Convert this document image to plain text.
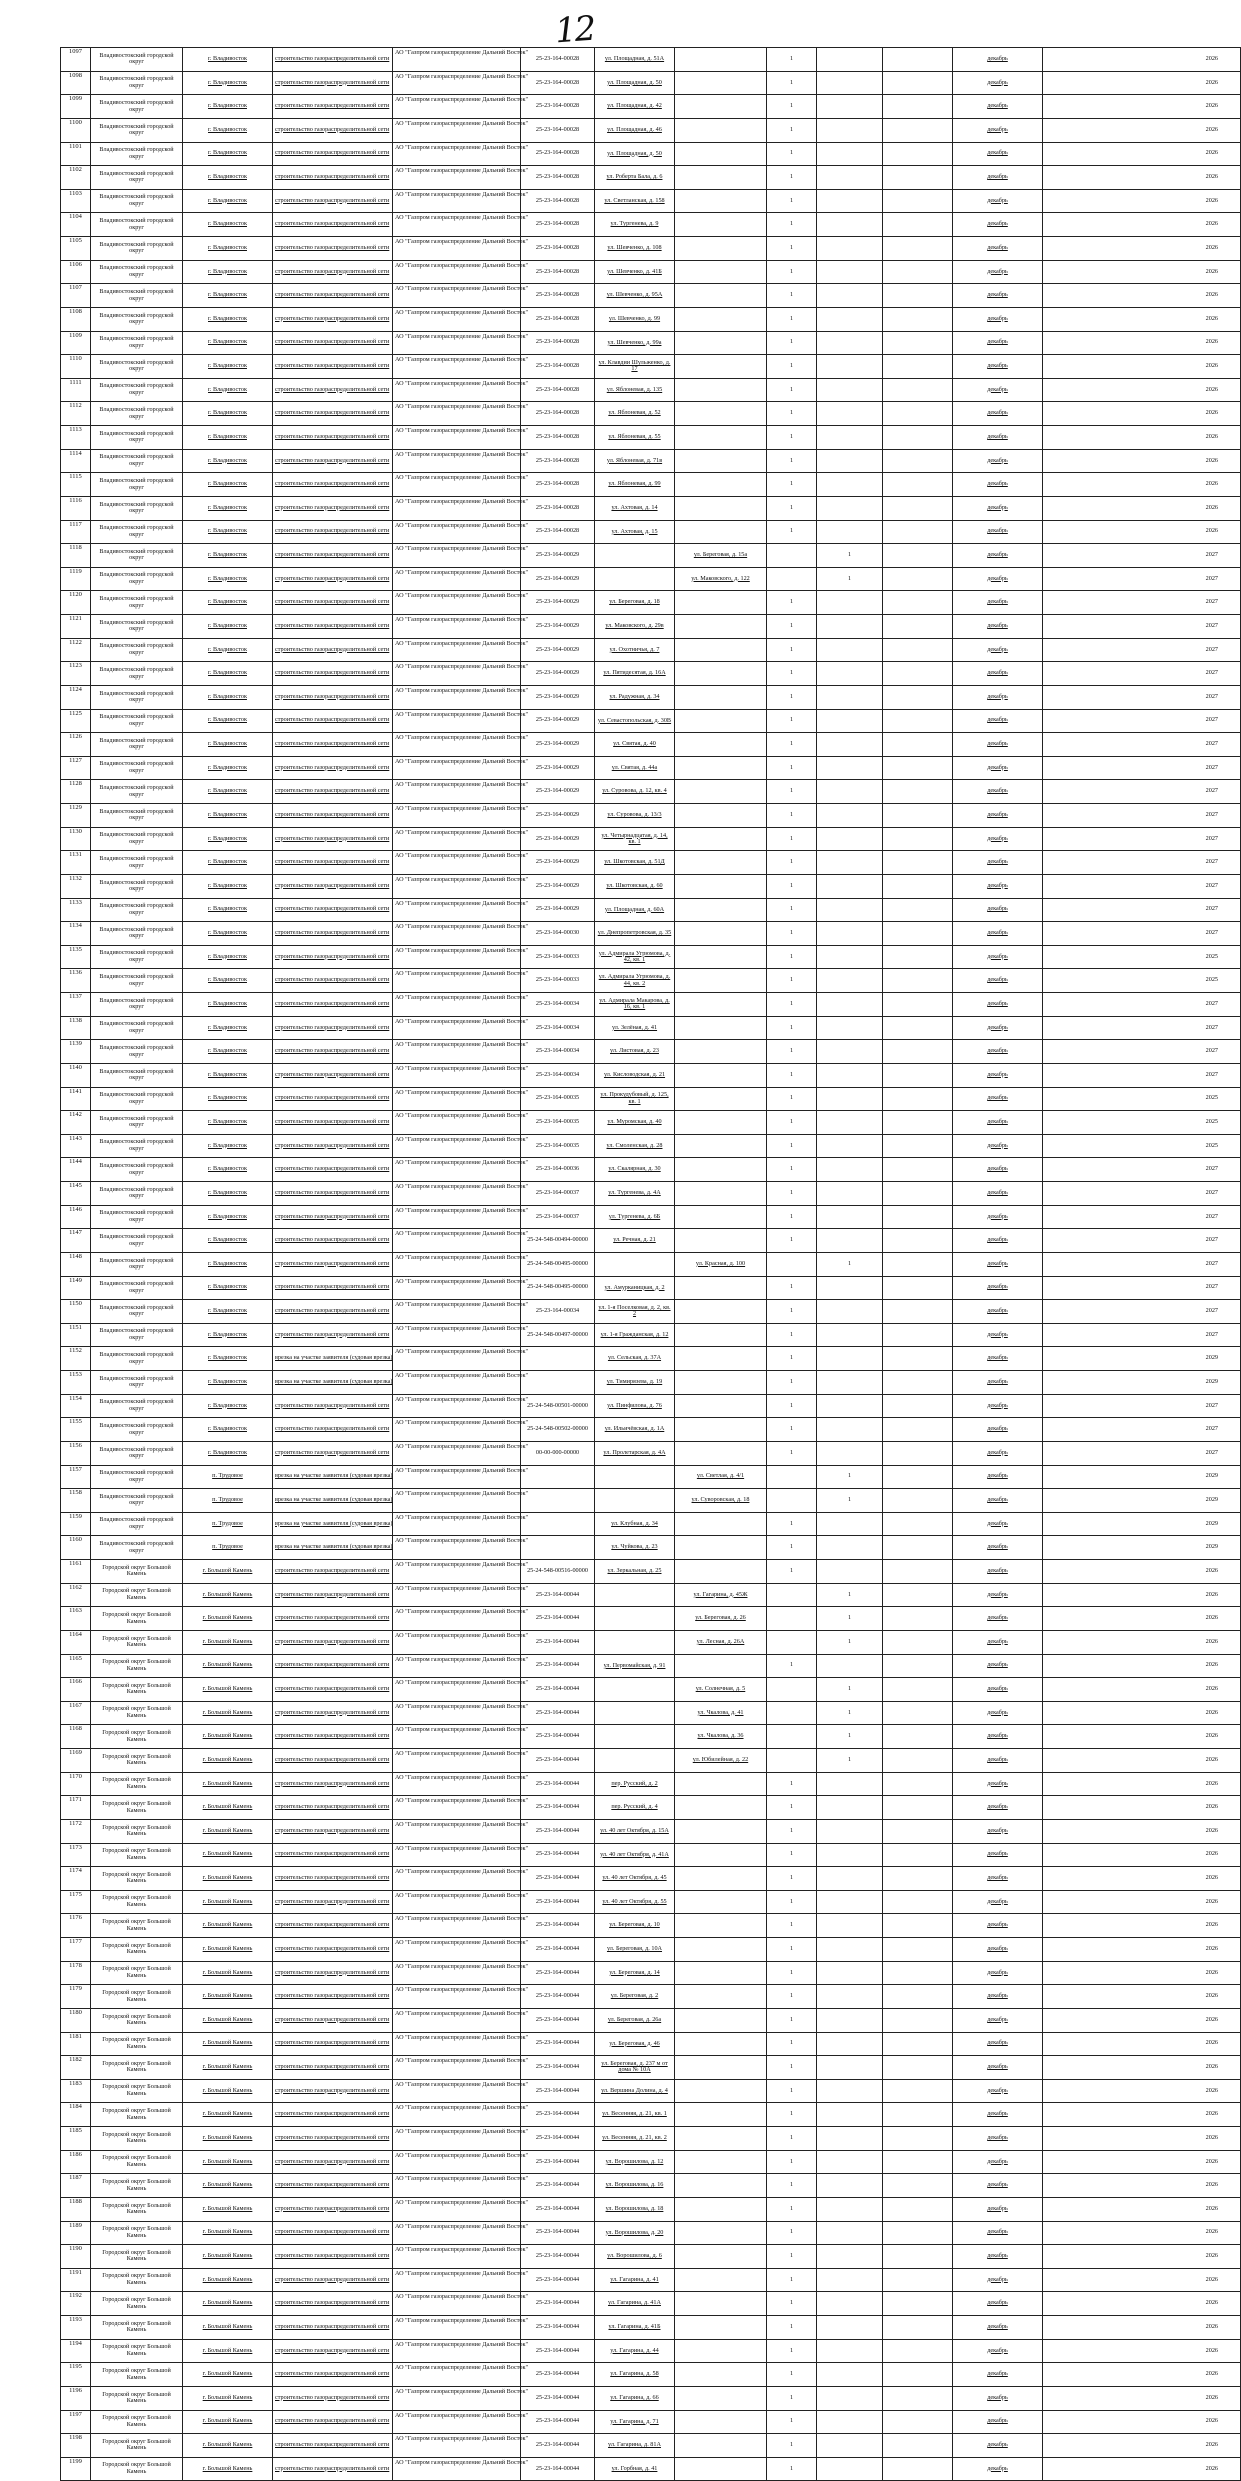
12
1097	Владивостокский городской округ	г. Владивосток	строительство газораспределительной сети	АО "Газпром газораспределение Дальний Восток"	25-23-164-00028	ул. Площадная, д. 51А		1			декабрь	2026
1098	Владивостокский городской округ	г. Владивосток	строительство газораспределительной сети	АО "Газпром газораспределение Дальний Восток"	25-23-164-00028	ул. Площадная, д. 50		1			декабрь	2026
1099	Владивостокский городской округ	г. Владивосток	строительство газораспределительной сети	АО "Газпром газораспределение Дальний Восток"	25-23-164-00028	ул. Площадная, д. 42		1			декабрь	2026
1100	Владивостокский городской округ	г. Владивосток	строительство газораспределительной сети	АО "Газпром газораспределение Дальний Восток"	25-23-164-00028	ул. Площадная, д. 46		1			декабрь	2026
1101	Владивостокский городской округ	г. Владивосток	строительство газораспределительной сети	АО "Газпром газораспределение Дальний Восток"	25-23-164-00028	ул. Площадная, д. 50		1			декабрь	2026
1102	Владивостокский городской округ	г. Владивосток	строительство газораспределительной сети	АО "Газпром газораспределение Дальний Восток"	25-23-164-00028	ул. Роберта Бала, д. 6		1			декабрь	2026
1103	Владивостокский городской округ	г. Владивосток	строительство газораспределительной сети	АО "Газпром газораспределение Дальний Восток"	25-23-164-00028	ул. Светланская, д. 158		1			декабрь	2026
1104	Владивостокский городской округ	г. Владивосток	строительство газораспределительной сети	АО "Газпром газораспределение Дальний Восток"	25-23-164-00028	ул. Тургенева, д. 9		1			декабрь	2026
1105	Владивостокский городской округ	г. Владивосток	строительство газораспределительной сети	АО "Газпром газораспределение Дальний Восток"	25-23-164-00028	ул. Шевченко, д. 108		1			декабрь	2026
1106	Владивостокский городской округ	г. Владивосток	строительство газораспределительной сети	АО "Газпром газораспределение Дальний Восток"	25-23-164-00028	ул. Шевченко, д. 41Б		1			декабрь	2026
1107	Владивостокский городской округ	г. Владивосток	строительство газораспределительной сети	АО "Газпром газораспределение Дальний Восток"	25-23-164-00028	ул. Шевченко, д. 95А		1			декабрь	2026
1108	Владивостокский городской округ	г. Владивосток	строительство газораспределительной сети	АО "Газпром газораспределение Дальний Восток"	25-23-164-00028	ул. Шевченко, д. 99		1			декабрь	2026
1109	Владивостокский городской округ	г. Владивосток	строительство газораспределительной сети	АО "Газпром газораспределение Дальний Восток"	25-23-164-00028	ул. Шевченко, д. 99а		1			декабрь	2026
1110	Владивостокский городской округ	г. Владивосток	строительство газораспределительной сети	АО "Газпром газораспределение Дальний Восток"	25-23-164-00028	ул. Клавдии Шульженко, д. 17		1			декабрь	2026
1111	Владивостокский городской округ	г. Владивосток	строительство газораспределительной сети	АО "Газпром газораспределение Дальний Восток"	25-23-164-00028	ул. Яблоневая, д. 135		1			декабрь	2026
1112	Владивостокский городской округ	г. Владивосток	строительство газораспределительной сети	АО "Газпром газораспределение Дальний Восток"	25-23-164-00028	ул. Яблоневая, д. 52		1			декабрь	2026
1113	Владивостокский городской округ	г. Владивосток	строительство газораспределительной сети	АО "Газпром газораспределение Дальний Восток"	25-23-164-00028	ул. Яблоневая, д. 55		1			декабрь	2026
1114	Владивостокский городской округ	г. Владивосток	строительство газораспределительной сети	АО "Газпром газораспределение Дальний Восток"	25-23-164-00028	ул. Яблоневая, д. 71в		1			декабрь	2026
1115	Владивостокский городской округ	г. Владивосток	строительство газораспределительной сети	АО "Газпром газораспределение Дальний Восток"	25-23-164-00028	ул. Яблоневая, д. 99		1			декабрь	2026
1116	Владивостокский городской округ	г. Владивосток	строительство газораспределительной сети	АО "Газпром газораспределение Дальний Восток"	25-23-164-00028	ул. Ахтовая, д. 14		1			декабрь	2026
1117	Владивостокский городской округ	г. Владивосток	строительство газораспределительной сети	АО "Газпром газораспределение Дальний Восток"	25-23-164-00028	ул. Ахтовая, д. 15		1			декабрь	2026
1118	Владивостокский городской округ	г. Владивосток	строительство газораспределительной сети	АО "Газпром газораспределение Дальний Восток"	25-23-164-00029		ул. Береговая, д. 15а		1		декабрь	2027
1119	Владивостокский городской округ	г. Владивосток	строительство газораспределительной сети	АО "Газпром газораспределение Дальний Восток"	25-23-164-00029		ул. Маковского, д. 122		1		декабрь	2027
1120	Владивостокский городской округ	г. Владивосток	строительство газораспределительной сети	АО "Газпром газораспределение Дальний Восток"	25-23-164-00029	ул. Береговая, д. 18		1			декабрь	2027
1121	Владивостокский городской округ	г. Владивосток	строительство газораспределительной сети	АО "Газпром газораспределение Дальний Восток"	25-23-164-00029	ул. Маковского, д. 29в		1			декабрь	2027
1122	Владивостокский городской округ	г. Владивосток	строительство газораспределительной сети	АО "Газпром газораспределение Дальний Восток"	25-23-164-00029	ул. Охотничья, д. 7		1			декабрь	2027
1123	Владивостокский городской округ	г. Владивосток	строительство газораспределительной сети	АО "Газпром газораспределение Дальний Восток"	25-23-164-00029	ул. Пятидесятая, д. 16А		1			декабрь	2027
1124	Владивостокский городской округ	г. Владивосток	строительство газораспределительной сети	АО "Газпром газораспределение Дальний Восток"	25-23-164-00029	ул. Радужная, д. 34		1			декабрь	2027
1125	Владивостокский городской округ	г. Владивосток	строительство газораспределительной сети	АО "Газпром газораспределение Дальний Восток"	25-23-164-00029	ул. Севастопольская, д. 30В		1			декабрь	2027
1126	Владивостокский городской округ	г. Владивосток	строительство газораспределительной сети	АО "Газпром газораспределение Дальний Восток"	25-23-164-00029	ул. Святая, д. 40		1			декабрь	2027
1127	Владивостокский городской округ	г. Владивосток	строительство газораспределительной сети	АО "Газпром газораспределение Дальний Восток"	25-23-164-00029	ул. Святая, д. 44а		1			декабрь	2027
1128	Владивостокский городской округ	г. Владивосток	строительство газораспределительной сети	АО "Газпром газораспределение Дальний Восток"	25-23-164-00029	ул. Суровова, д. 12, кв. 4		1			декабрь	2027
1129	Владивостокский городской округ	г. Владивосток	строительство газораспределительной сети	АО "Газпром газораспределение Дальний Восток"	25-23-164-00029	ул. Суровова, д. 13/3		1			декабрь	2027
1130	Владивостокский городской округ	г. Владивосток	строительство газораспределительной сети	АО "Газпром газораспределение Дальний Восток"	25-23-164-00029	ул. Четырнадцатая, д. 14, кв. 1		1			декабрь	2027
1131	Владивостокский городской округ	г. Владивосток	строительство газораспределительной сети	АО "Газпром газораспределение Дальний Восток"	25-23-164-00029	ул. Шкотовская, д. 51Д		1			декабрь	2027
1132	Владивостокский городской округ	г. Владивосток	строительство газораспределительной сети	АО "Газпром газораспределение Дальний Восток"	25-23-164-00029	ул. Шкотовская, д. 60		1			декабрь	2027
1133	Владивостокский городской округ	г. Владивосток	строительство газораспределительной сети	АО "Газпром газораспределение Дальний Восток"	25-23-164-00029	ул. Площадная, д. 60А		1			декабрь	2027
1134	Владивостокский городской округ	г. Владивосток	строительство газораспределительной сети	АО "Газпром газораспределение Дальний Восток"	25-23-164-00030	ул. Днепропетровская, д. 35		1			декабрь	2027
1135	Владивостокский городской округ	г. Владивосток	строительство газораспределительной сети	АО "Газпром газораспределение Дальний Восток"	25-23-164-00033	ул. Адмирала Угрюмова, д. 42, кв. 1		1			декабрь	2025
1136	Владивостокский городской округ	г. Владивосток	строительство газораспределительной сети	АО "Газпром газораспределение Дальний Восток"	25-23-164-00033	ул. Адмирала Угрюмова, д. 44, кв. 2		1			декабрь	2025
1137	Владивостокский городской округ	г. Владивосток	строительство газораспределительной сети	АО "Газпром газораспределение Дальний Восток"	25-23-164-00034	ул. Адмирала Макарова, д. 16, кв. 1		1			декабрь	2027
1138	Владивостокский городской округ	г. Владивосток	строительство газораспределительной сети	АО "Газпром газораспределение Дальний Восток"	25-23-164-00034	ул. Зелёная, д. 41		1			декабрь	2027
1139	Владивостокский городской округ	г. Владивосток	строительство газораспределительной сети	АО "Газпром газораспределение Дальний Восток"	25-23-164-00034	ул. Листовая, д. 23		1			декабрь	2027
1140	Владивостокский городской округ	г. Владивосток	строительство газораспределительной сети	АО "Газпром газораспределение Дальний Восток"	25-23-164-00034	ул. Кисловодская, д. 21		1			декабрь	2027
1141	Владивостокский городской округ	г. Владивосток	строительство газораспределительной сети	АО "Газпром газораспределение Дальний Восток"	25-23-164-00035	ул. Прокудубовый, д. 125, кв. 1		1			декабрь	2025
1142	Владивостокский городской округ	г. Владивосток	строительство газораспределительной сети	АО "Газпром газораспределение Дальний Восток"	25-23-164-00035	ул. Муромская, д. 40		1			декабрь	2025
1143	Владивостокский городской округ	г. Владивосток	строительство газораспределительной сети	АО "Газпром газораспределение Дальний Восток"	25-23-164-00035	ул. Смоленская, д. 28		1			декабрь	2025
1144	Владивостокский городской округ	г. Владивосток	строительство газораспределительной сети	АО "Газпром газораспределение Дальний Восток"	25-23-164-00036	ул. Скалярная, д. 30		1			декабрь	2027
1145	Владивостокский городской округ	г. Владивосток	строительство газораспределительной сети	АО "Газпром газораспределение Дальний Восток"	25-23-164-00037	ул. Тургенева, д. 4А		1			декабрь	2027
1146	Владивостокский городской округ	г. Владивосток	строительство газораспределительной сети	АО "Газпром газораспределение Дальний Восток"	25-23-164-00037	ул. Тургенева, д. 6Б		1			декабрь	2027
1147	Владивостокский городской округ	г. Владивосток	строительство газораспределительной сети	АО "Газпром газораспределение Дальний Восток"	25-24-548-00494-00000	ул. Речная, д. 21		1			декабрь	2027
1148	Владивостокский городской округ	г. Владивосток	строительство газораспределительной сети	АО "Газпром газораспределение Дальний Восток"	25-24-548-00495-00000		ул. Красная, д. 100		1		декабрь	2027
1149	Владивостокский городской округ	г. Владивосток	строительство газораспределительной сети	АО "Газпром газораспределение Дальний Восток"	25-24-548-00495-00000	ул. Амурканицкая, д. 2		1			декабрь	2027
1150	Владивостокский городской округ	г. Владивосток	строительство газораспределительной сети	АО "Газпром газораспределение Дальний Восток"	25-23-164-00034	ул. 1-я Поселковая, д. 2, кв. 2		1			декабрь	2027
1151	Владивостокский городской округ	г. Владивосток	строительство газораспределительной сети	АО "Газпром газораспределение Дальний Восток"	25-24-548-00497-00000	ул. 1-я Гражданская, д. 12		1			декабрь	2027
1152	Владивостокский городской округ	г. Владивосток	врезка на участке заявителя (судовая врезка)	АО "Газпром газораспределение Дальний Восток"		ул. Сельская, д. 37А		1			декабрь	2029
1153	Владивостокский городской округ	г. Владивосток	врезка на участке заявителя (судовая врезка)	АО "Газпром газораспределение Дальний Восток"		ул. Тимирязева, д. 19		1			декабрь	2029
1154	Владивостокский городской округ	г. Владивосток	строительство газораспределительной сети	АО "Газпром газораспределение Дальний Восток"	25-24-548-00501-00000	ул. Пинфилова, д. 76		1			декабрь	2027
1155	Владивостокский городской округ	г. Владивосток	строительство газораспределительной сети	АО "Газпром газораспределение Дальний Восток"	25-24-548-00502-00000	ул. Ильичёвская, д. 1А		1			декабрь	2027
1156	Владивостокский городской округ	г. Владивосток	строительство газораспределительной сети	АО "Газпром газораспределение Дальний Восток"	00-00-000-00000	ул. Пролетарская, д. 4А		1			декабрь	2027
1157	Владивостокский городской округ	п. Трудовое	врезка на участке заявителя (судовая врезка)	АО "Газпром газораспределение Дальний Восток"			ул. Светлая, д. 4/1		1		декабрь	2029
1158	Владивостокский городской округ	п. Трудовое	врезка на участке заявителя (судовая врезка)	АО "Газпром газораспределение Дальний Восток"			ул. Суворовская, д. 18		1		декабрь	2029
1159	Владивостокский городской округ	п. Трудовое	врезка на участке заявителя (судовая врезка)	АО "Газпром газораспределение Дальний Восток"		ул. Клубная, д. 34		1			декабрь	2029
1160	Владивостокский городской округ	п. Трудовое	врезка на участке заявителя (судовая врезка)	АО "Газпром газораспределение Дальний Восток"		ул. Чуйкова, д. 23		1			декабрь	2029
1161	Городской округ Большой Камень	г. Большой Камень	строительство газораспределительной сети	АО "Газпром газораспределение Дальний Восток"	25-24-548-00516-00000	ул. Зеркальная, д. 25		1			декабрь	2026
1162	Городской округ Большой Камень	г. Большой Камень	строительство газораспределительной сети	АО "Газпром газораспределение Дальний Восток"	25-23-164-00044		ул. Гагарина, д. 45Ж		1		декабрь	2026
1163	Городской округ Большой Камень	г. Большой Камень	строительство газораспределительной сети	АО "Газпром газораспределение Дальний Восток"	25-23-164-00044		ул. Береговая, д. 26		1		декабрь	2026
1164	Городской округ Большой Камень	г. Большой Камень	строительство газораспределительной сети	АО "Газпром газораспределение Дальний Восток"	25-23-164-00044		ул. Лесная, д. 26А		1		декабрь	2026
1165	Городской округ Большой Камень	г. Большой Камень	строительство газораспределительной сети	АО "Газпром газораспределение Дальний Восток"	25-23-164-00044	ул. Первомайская, д. 91		1			декабрь	2026
1166	Городской округ Большой Камень	г. Большой Камень	строительство газораспределительной сети	АО "Газпром газораспределение Дальний Восток"	25-23-164-00044		ул. Солнечная, д. 5		1		декабрь	2026
1167	Городской округ Большой Камень	г. Большой Камень	строительство газораспределительной сети	АО "Газпром газораспределение Дальний Восток"	25-23-164-00044		ул. Чкалова, д. 41		1		декабрь	2026
1168	Городской округ Большой Камень	г. Большой Камень	строительство газораспределительной сети	АО "Газпром газораспределение Дальний Восток"	25-23-164-00044		ул. Чкалова, д. 36		1		декабрь	2026
1169	Городской округ Большой Камень	г. Большой Камень	строительство газораспределительной сети	АО "Газпром газораспределение Дальний Восток"	25-23-164-00044		ул. Юбилейная, д. 22		1		декабрь	2026
1170	Городской округ Большой Камень	г. Большой Камень	строительство газораспределительной сети	АО "Газпром газораспределение Дальний Восток"	25-23-164-00044	пер. Русский, д. 2		1			декабрь	2026
1171	Городской округ Большой Камень	г. Большой Камень	строительство газораспределительной сети	АО "Газпром газораспределение Дальний Восток"	25-23-164-00044	пер. Русский, д. 4		1			декабрь	2026
1172	Городской округ Большой Камень	г. Большой Камень	строительство газораспределительной сети	АО "Газпром газораспределение Дальний Восток"	25-23-164-00044	ул. 40 лет Октября, д. 15А		1			декабрь	2026
1173	Городской округ Большой Камень	г. Большой Камень	строительство газораспределительной сети	АО "Газпром газораспределение Дальний Восток"	25-23-164-00044	ул. 40 лет Октября, д. 41А		1			декабрь	2026
1174	Городской округ Большой Камень	г. Большой Камень	строительство газораспределительной сети	АО "Газпром газораспределение Дальний Восток"	25-23-164-00044	ул. 40 лет Октября, д. 45		1			декабрь	2026
1175	Городской округ Большой Камень	г. Большой Камень	строительство газораспределительной сети	АО "Газпром газораспределение Дальний Восток"	25-23-164-00044	ул. 40 лет Октября, д. 55		1			декабрь	2026
1176	Городской округ Большой Камень	г. Большой Камень	строительство газораспределительной сети	АО "Газпром газораспределение Дальний Восток"	25-23-164-00044	ул. Береговая, д. 10		1			декабрь	2026
1177	Городской округ Большой Камень	г. Большой Камень	строительство газораспределительной сети	АО "Газпром газораспределение Дальний Восток"	25-23-164-00044	ул. Береговая, д. 10А		1			декабрь	2026
1178	Городской округ Большой Камень	г. Большой Камень	строительство газораспределительной сети	АО "Газпром газораспределение Дальний Восток"	25-23-164-00044	ул. Береговая, д. 14		1			декабрь	2026
1179	Городской округ Большой Камень	г. Большой Камень	строительство газораспределительной сети	АО "Газпром газораспределение Дальний Восток"	25-23-164-00044	ул. Береговая, д. 2		1			декабрь	2026
1180	Городской округ Большой Камень	г. Большой Камень	строительство газораспределительной сети	АО "Газпром газораспределение Дальний Восток"	25-23-164-00044	ул. Береговая, д. 26а		1			декабрь	2026
1181	Городской округ Большой Камень	г. Большой Камень	строительство газораспределительной сети	АО "Газпром газораспределение Дальний Восток"	25-23-164-00044	ул. Береговая, д. 46		1			декабрь	2026
1182	Городской округ Большой Камень	г. Большой Камень	строительство газораспределительной сети	АО "Газпром газораспределение Дальний Восток"	25-23-164-00044	ул. Береговая, д. 237 м от дома № 10А		1			декабрь	2026
1183	Городской округ Большой Камень	г. Большой Камень	строительство газораспределительной сети	АО "Газпром газораспределение Дальний Восток"	25-23-164-00044	ул. Вершина Долина, д. 4		1			декабрь	2026
1184	Городской округ Большой Камень	г. Большой Камень	строительство газораспределительной сети	АО "Газпром газораспределение Дальний Восток"	25-23-164-00044	ул. Весенняя, д. 21, кв. 1		1			декабрь	2026
1185	Городской округ Большой Камень	г. Большой Камень	строительство газораспределительной сети	АО "Газпром газораспределение Дальний Восток"	25-23-164-00044	ул. Весенняя, д. 21, кв. 2		1			декабрь	2026
1186	Городской округ Большой Камень	г. Большой Камень	строительство газораспределительной сети	АО "Газпром газораспределение Дальний Восток"	25-23-164-00044	ул. Ворошилова, д. 12		1			декабрь	2026
1187	Городской округ Большой Камень	г. Большой Камень	строительство газораспределительной сети	АО "Газпром газораспределение Дальний Восток"	25-23-164-00044	ул. Ворошилова, д. 16		1			декабрь	2026
1188	Городской округ Большой Камень	г. Большой Камень	строительство газораспределительной сети	АО "Газпром газораспределение Дальний Восток"	25-23-164-00044	ул. Ворошилова, д. 18		1			декабрь	2026
1189	Городской округ Большой Камень	г. Большой Камень	строительство газораспределительной сети	АО "Газпром газораспределение Дальний Восток"	25-23-164-00044	ул. Ворошилова, д. 20		1			декабрь	2026
1190	Городской округ Большой Камень	г. Большой Камень	строительство газораспределительной сети	АО "Газпром газораспределение Дальний Восток"	25-23-164-00044	ул. Ворошилова, д. 6		1			декабрь	2026
1191	Городской округ Большой Камень	г. Большой Камень	строительство газораспределительной сети	АО "Газпром газораспределение Дальний Восток"	25-23-164-00044	ул. Гагарина, д. 41		1			декабрь	2026
1192	Городской округ Большой Камень	г. Большой Камень	строительство газораспределительной сети	АО "Газпром газораспределение Дальний Восток"	25-23-164-00044	ул. Гагарина, д. 41А		1			декабрь	2026
1193	Городской округ Большой Камень	г. Большой Камень	строительство газораспределительной сети	АО "Газпром газораспределение Дальний Восток"	25-23-164-00044	ул. Гагарина, д. 41Б		1			декабрь	2026
1194	Городской округ Большой Камень	г. Большой Камень	строительство газораспределительной сети	АО "Газпром газораспределение Дальний Восток"	25-23-164-00044	ул. Гагарина, д. 44		1			декабрь	2026
1195	Городской округ Большой Камень	г. Большой Камень	строительство газораспределительной сети	АО "Газпром газораспределение Дальний Восток"	25-23-164-00044	ул. Гагарина, д. 58		1			декабрь	2026
1196	Городской округ Большой Камень	г. Большой Камень	строительство газораспределительной сети	АО "Газпром газораспределение Дальний Восток"	25-23-164-00044	ул. Гагарина, д. 66		1			декабрь	2026
1197	Городской округ Большой Камень	г. Большой Камень	строительство газораспределительной сети	АО "Газпром газораспределение Дальний Восток"	25-23-164-00044	ул. Гагарина, д. 71		1			декабрь	2026
1198	Городской округ Большой Камень	г. Большой Камень	строительство газораспределительной сети	АО "Газпром газораспределение Дальний Восток"	25-23-164-00044	ул. Гагарина, д. 81А		1			декабрь	2026
1199	Городской округ Большой Камень	г. Большой Камень	строительство газораспределительной сети	АО "Газпром газораспределение Дальний Восток"	25-23-164-00044	ул. Горбная, д. 41		1			декабрь	2026
